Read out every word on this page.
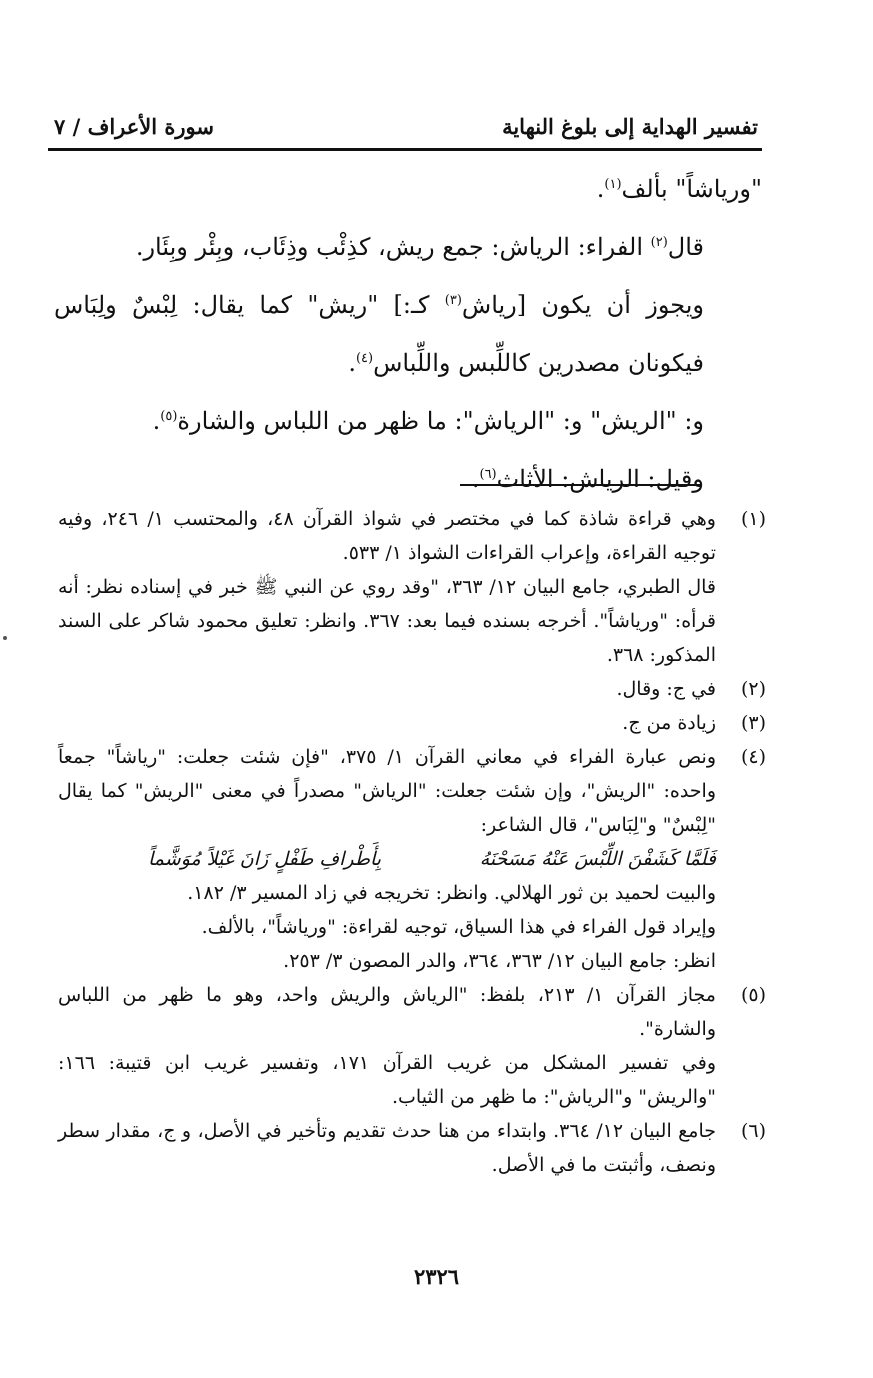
تفسير الهداية إلى بلوغ النهاية
سورة الأعراف / ٧

"ورياشاً" بألف$^{(١)}$.

قال$^{(٢)}$ الفراء: الرياش: جمع ريش، كذِئْب وذِئَاب، وبِئْر وبِئَار.

ويجوز أن يكون [رياش$^{(٣)}$ كـ:] "ريش" كما يقال: لِبْسٌ ولِبَاس فيكونان مصدرين كاللِّبس واللِّباس$^{(٤)}$.

و: "الريش" و: "الرياش": ما ظهر من اللباس والشارة$^{(٥)}$.

وقيل: الرياش: الأثاث$^{(٦)}$.

(١)

وهي قراءة شاذة كما في مختصر في شواذ القرآن ٤٨، والمحتسب ١/ ٢٤٦، وفيه توجيه القراءة، وإعراب القراءات الشواذ ١/ ٥٣٣.

قال الطبري، جامع البيان ١٢/ ٣٦٣، "وقد روي عن النبي ﷺ خبر في إسناده نظر: أنه قرأه: "ورياشاً". أخرجه بسنده فيما بعد: ٣٦٧. وانظر: تعليق محمود شاكر على السند المذكور: ٣٦٨.

(٢)

في ج: وقال.

(٣)

زيادة من ج.

(٤)

ونص عبارة الفراء في معاني القرآن ١/ ٣٧٥، "فإن شئت جعلت: "رياشاً" جمعاً واحده: "الريش"، وإن شئت جعلت: "الرياش" مصدراً في معنى "الريش" كما يقال "لِبْسٌ" و"لِبَاس"، قال الشاعر:

فَلَمَّا كَشَفْنَ اللِّبْسَ عَنْهُ مَسَحْنَهُ
بِأَطْرافِ طَفْلٍ زَانَ غَيْلاً مُوَشَّماً

والبيت لحميد بن ثور الهلالي. وانظر: تخريجه في زاد المسير ٣/ ١٨٢.

وإيراد قول الفراء في هذا السياق، توجيه لقراءة: "ورياشاً"، بالألف.

انظر: جامع البيان ١٢/ ٣٦٣، ٣٦٤، والدر المصون ٣/ ٢٥٣.

(٥)

مجاز القرآن ١/ ٢١٣، بلفظ: "الرياش والريش واحد، وهو ما ظهر من اللباس والشارة".

وفي تفسير المشكل من غريب القرآن ١٧١، وتفسير غريب ابن قتيبة: ١٦٦: "والريش" و"الرياش": ما ظهر من الثياب.

(٦)

جامع البيان ١٢/ ٣٦٤. وابتداء من هنا حدث تقديم وتأخير في الأصل، و ج، مقدار سطر ونصف، وأثبتت ما في الأصل.

٢٣٢٦
